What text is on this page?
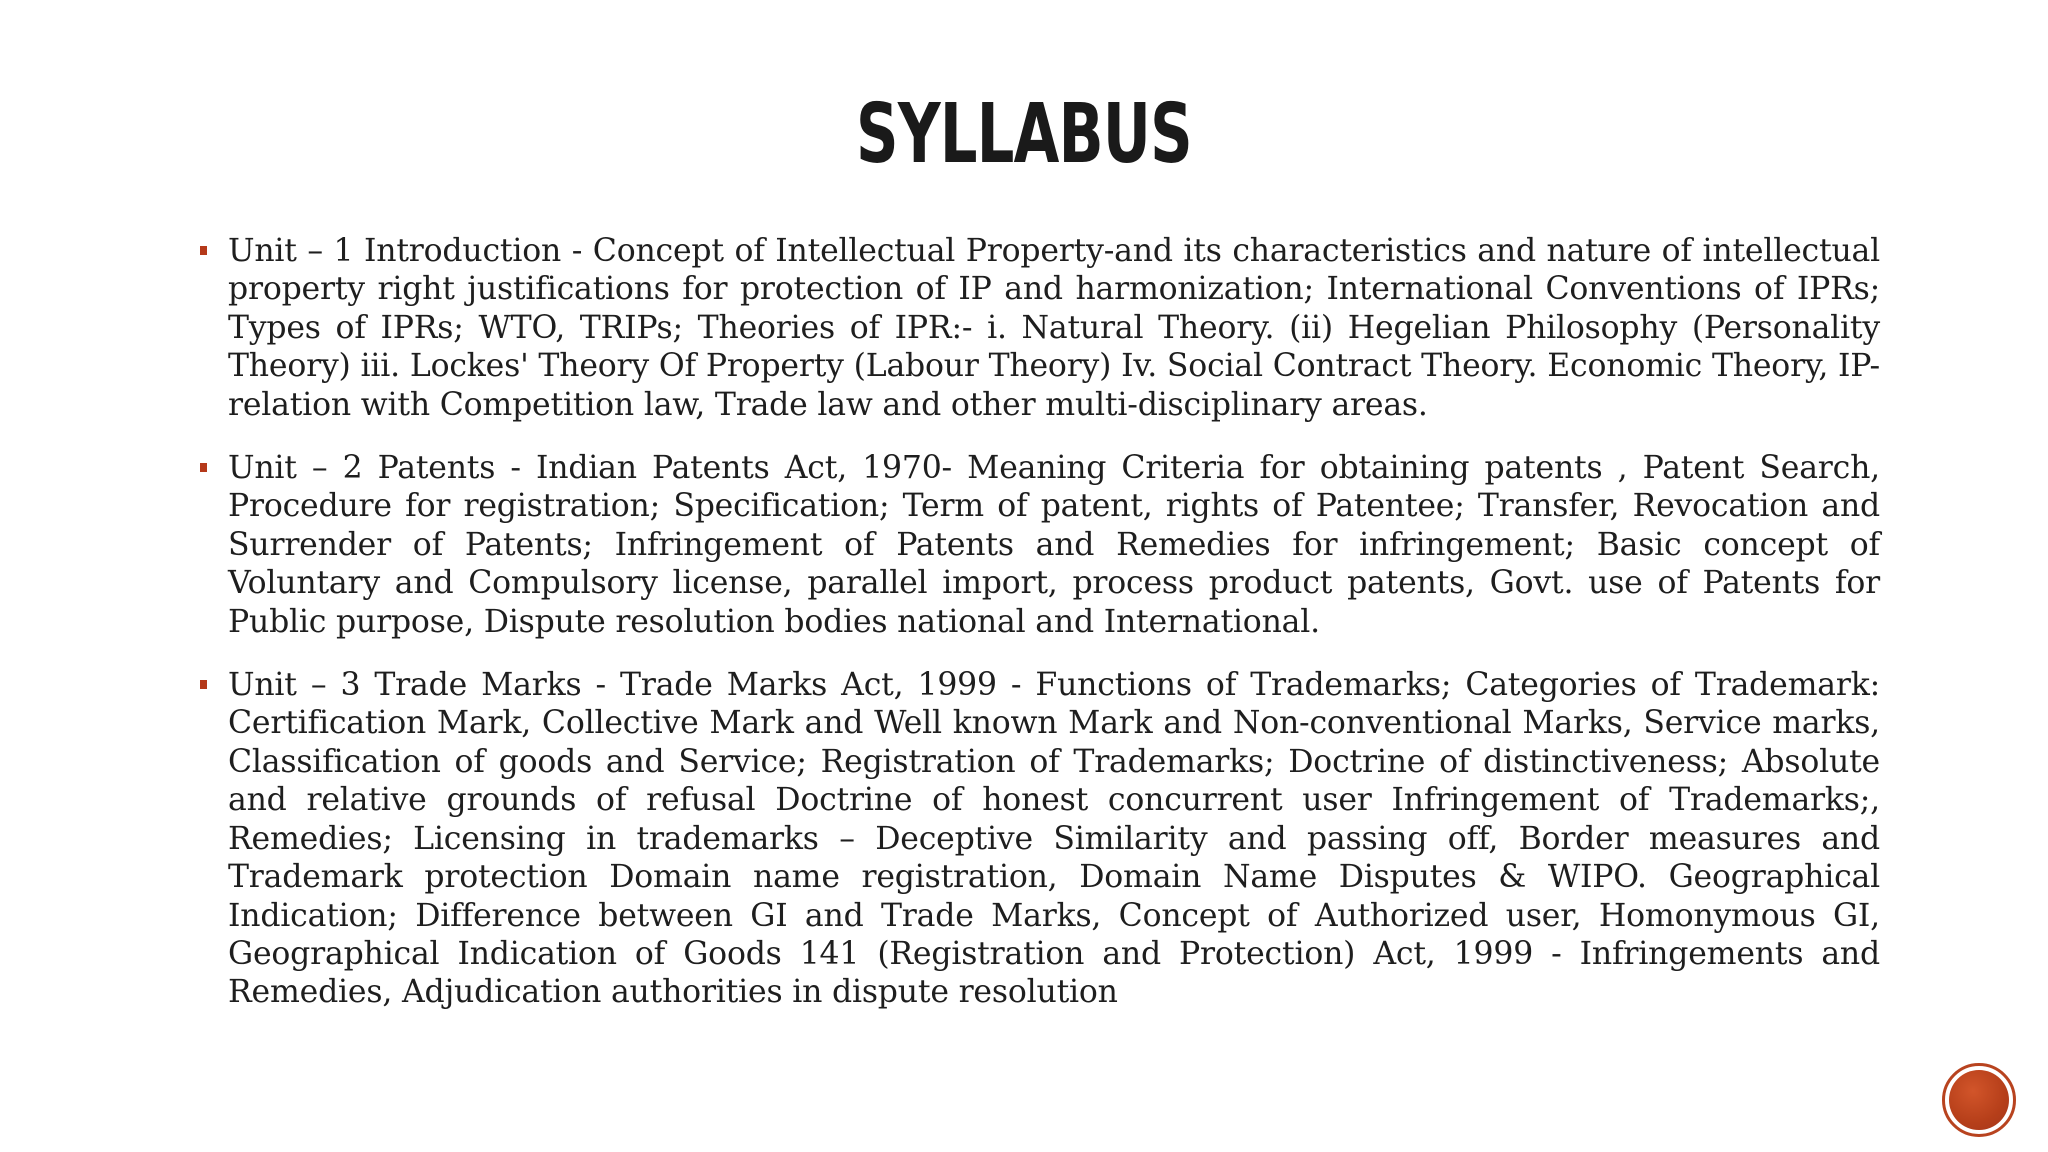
SYLLABUS
Unit – 1 Introduction - Concept of Intellectual Property-and its characteristics and nature of intellectual property right justifications for protection of IP and harmonization; International Conventions of IPRs; Types of IPRs; WTO, TRIPs; Theories of IPR:- i. Natural Theory. (ii) Hegelian Philosophy (Personality Theory) iii. Lockes' Theory Of Property (Labour Theory) Iv. Social Contract Theory. Economic Theory, IP- relation with Competition law, Trade law and other multi-disciplinary areas.
Unit – 2 Patents - Indian Patents Act, 1970- Meaning Criteria for obtaining patents , Patent Search, Procedure for registration; Specification; Term of patent, rights of Patentee; Transfer, Revocation and Surrender of Patents; Infringement of Patents and Remedies for infringement; Basic concept of Voluntary and Compulsory license, parallel import, process product patents, Govt. use of Patents for Public purpose, Dispute resolution bodies national and International.
Unit – 3 Trade Marks - Trade Marks Act, 1999 - Functions of Trademarks; Categories of Trademark: Certification Mark, Collective Mark and Well known Mark and Non-conventional Marks, Service marks, Classification of goods and Service; Registration of Trademarks; Doctrine of distinctiveness; Absolute and relative grounds of refusal Doctrine of honest concurrent user Infringement of Trademarks;, Remedies; Licensing in trademarks – Deceptive Similarity and passing off, Border measures and Trademark protection Domain name registration, Domain Name Disputes & WIPO. Geographical Indication; Difference between GI and Trade Marks, Concept of Authorized user, Homonymous GI, Geographical Indication of Goods 141 (Registration and Protection) Act, 1999 - Infringements and Remedies, Adjudication authorities in dispute resolution
